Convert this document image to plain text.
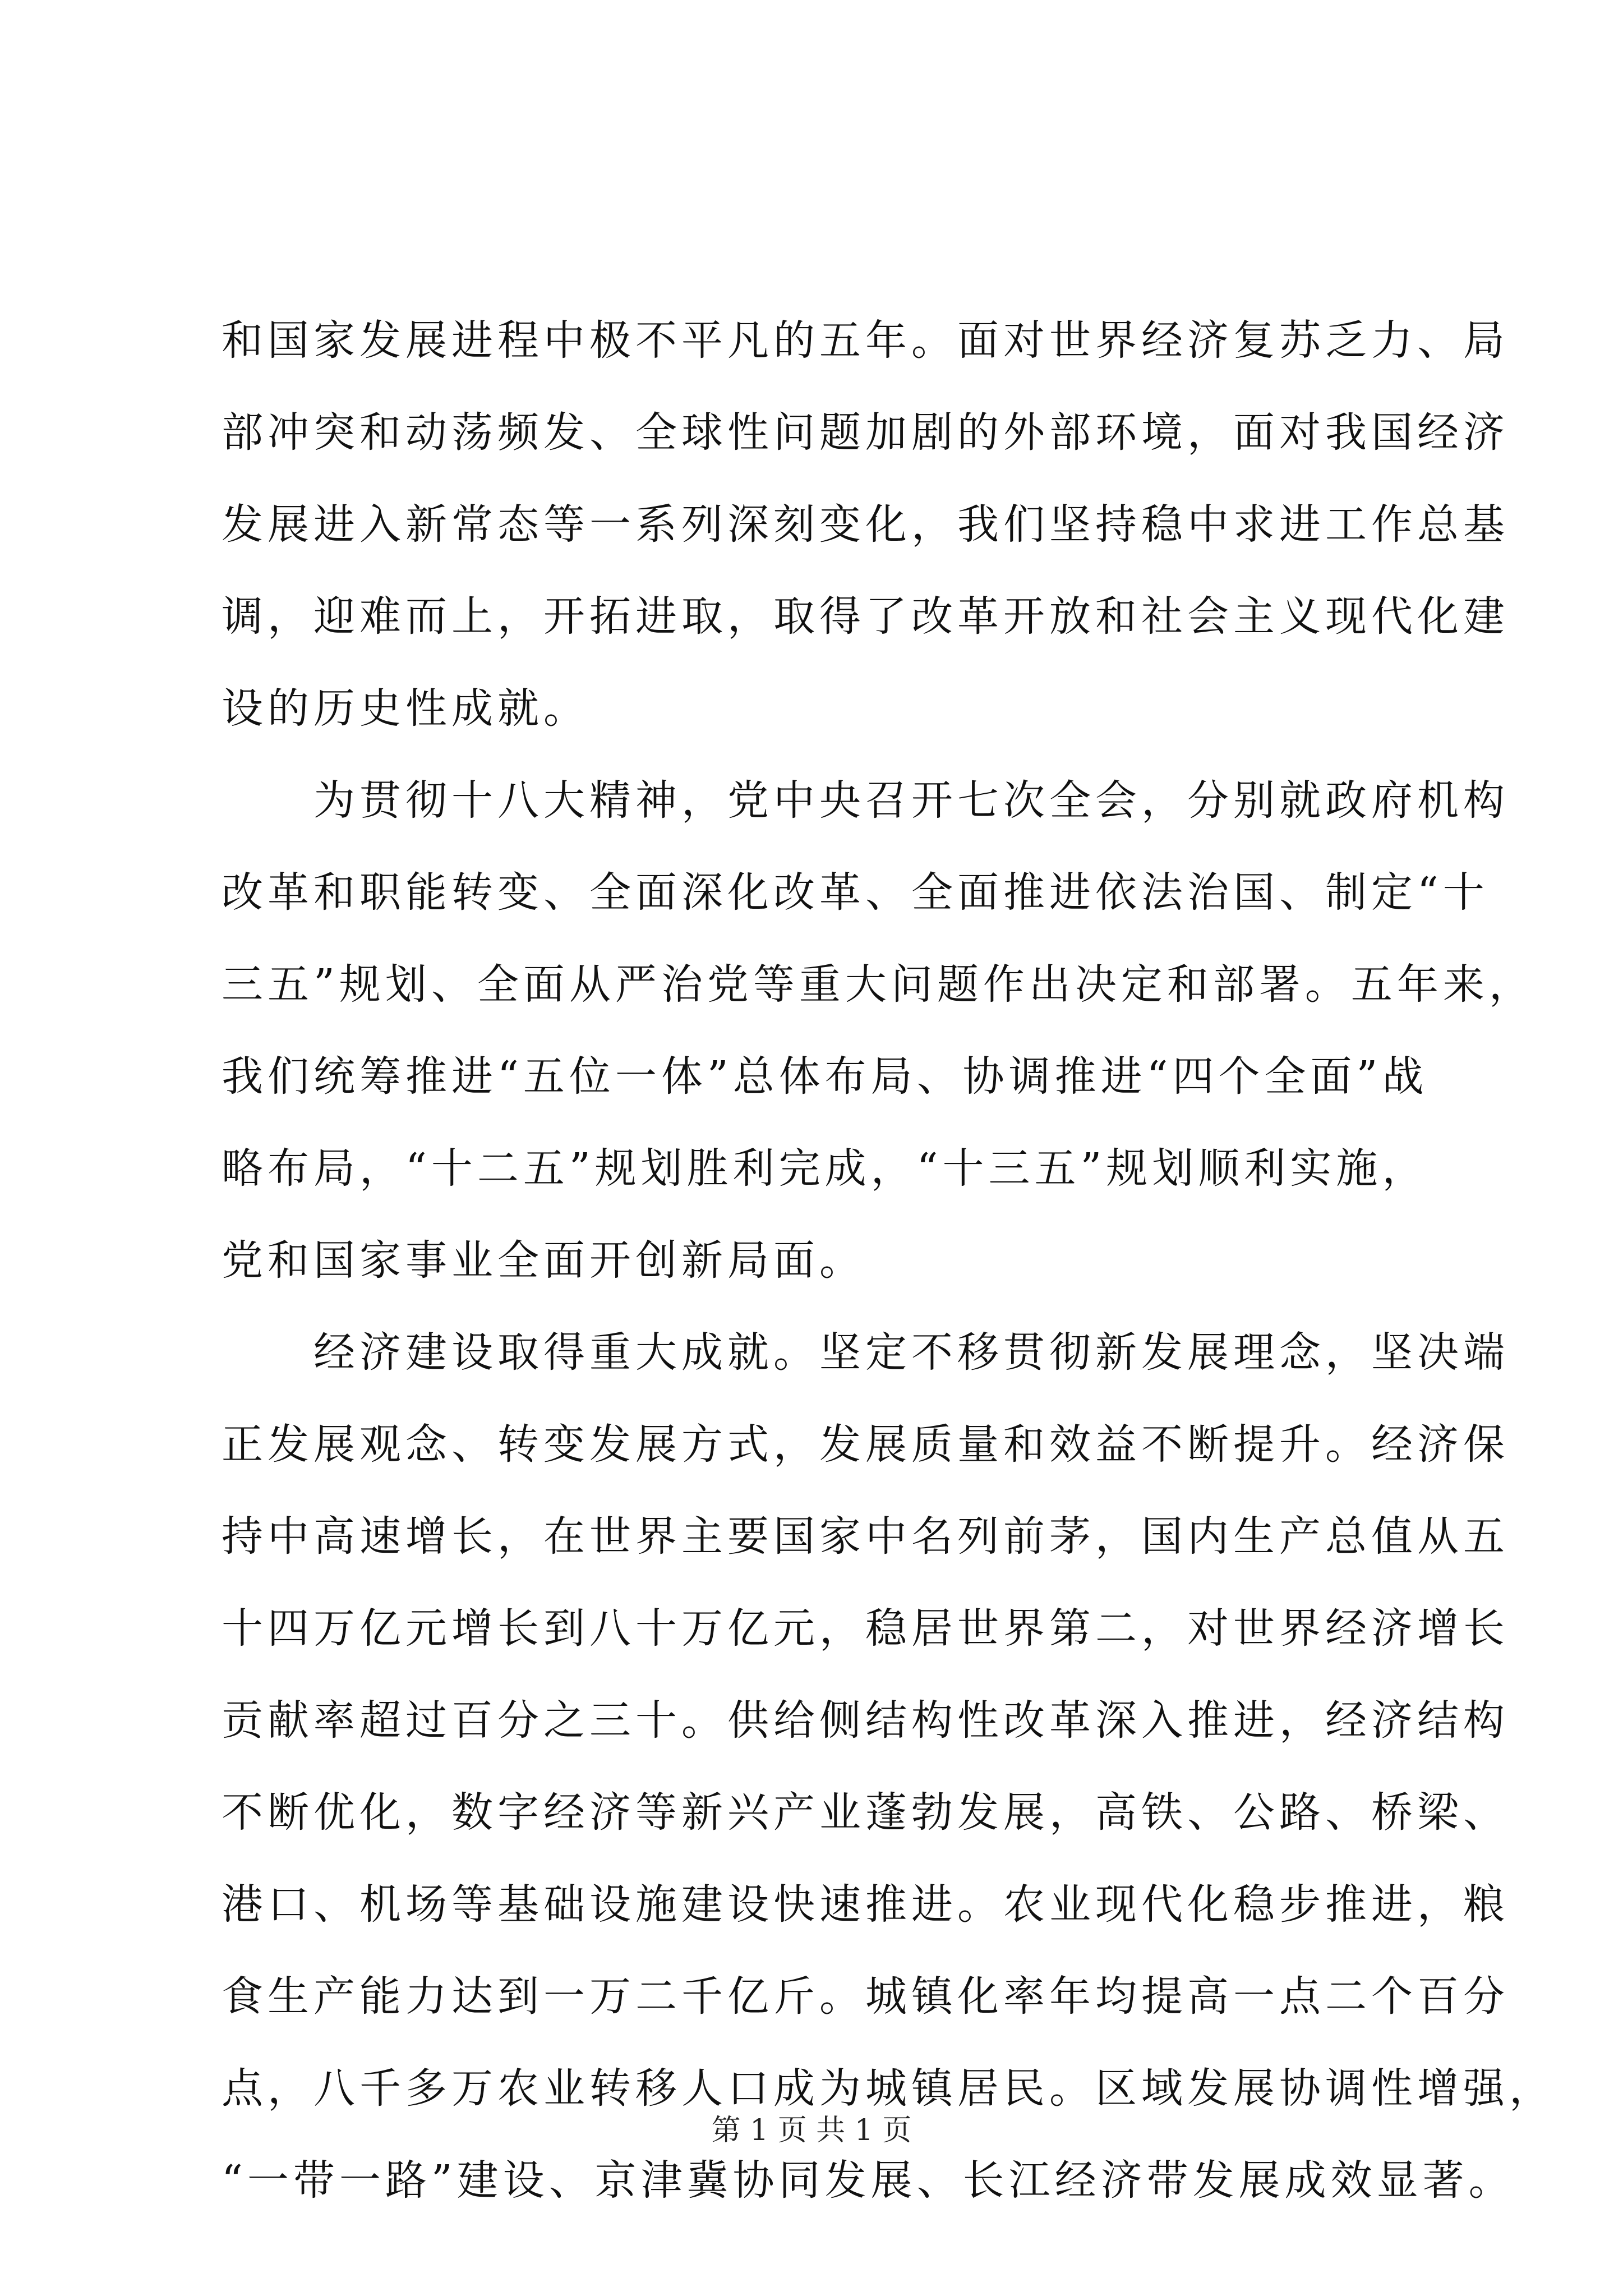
和国家发展进程中极不平凡的五年。面对世界经济复苏乏力、局
部冲突和动荡频发、全球性问题加剧的外部环境，面对我国经济
发展进入新常态等一系列深刻变化，我们坚持稳中求进工作总基
调，迎难而上，开拓进取，取得了改革开放和社会主义现代化建
设的历史性成就。
　　为贯彻十八大精神，党中央召开七次全会，分别就政府机构
改革和职能转变、全面深化改革、全面推进依法治国、制定“十
三五”规划、全面从严治党等重大问题作出决定和部署。五年来，
我们统筹推进“五位一体”总体布局、协调推进“四个全面”战
略布局，“十二五”规划胜利完成，“十三五”规划顺利实施，
党和国家事业全面开创新局面。
　　经济建设取得重大成就。坚定不移贯彻新发展理念，坚决端
正发展观念、转变发展方式，发展质量和效益不断提升。经济保
持中高速增长，在世界主要国家中名列前茅，国内生产总值从五
十四万亿元增长到八十万亿元，稳居世界第二，对世界经济增长
贡献率超过百分之三十。供给侧结构性改革深入推进，经济结构
不断优化，数字经济等新兴产业蓬勃发展，高铁、公路、桥梁、
港口、机场等基础设施建设快速推进。农业现代化稳步推进，粮
食生产能力达到一万二千亿斤。城镇化率年均提高一点二个百分
点，八千多万农业转移人口成为城镇居民。区域发展协调性增强，
“一带一路”建设、京津冀协同发展、长江经济带发展成效显著。
第 1 页 共 1 页
